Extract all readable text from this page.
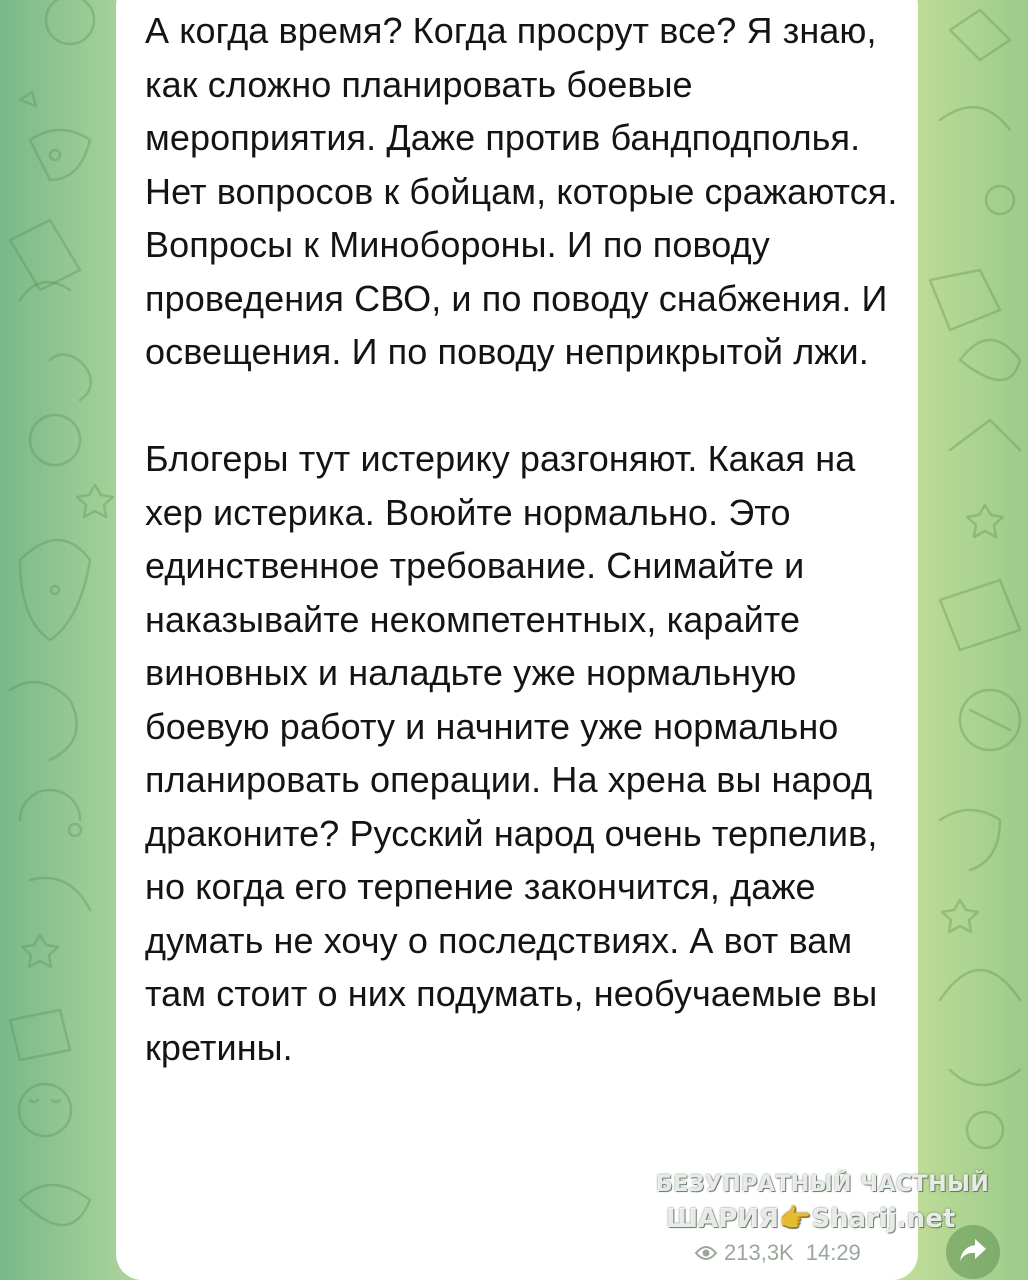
А когда время? Когда просрут все? Я знаю, как сложно планировать боевые мероприятия. Даже против бандподполья. Нет вопросов к бойцам, которые сражаются. Вопросы к Минобороны. И по поводу проведения СВО, и по поводу снабжения. И освещения. И по поводу неприкрытой лжи.

Блогеры тут истерику разгоняют. Какая на хер истерика. Воюйте нормально. Это единственное требование. Снимайте и наказывайте некомпетентных, карайте виновных и наладьте уже нормальную боевую работу и начните уже нормально планировать операции. На хрена вы народ драконите? Русский народ очень терпелив, но когда его терпение закончится, даже думать не хочу о последствиях. А вот вам там стоит о них подумать, необучаемые вы кретины.

213,3K 14:29
БЕЗУПРАТНЫЙ ЧАСТНЫЙ
ШАРИЯ👉Sharij.net
